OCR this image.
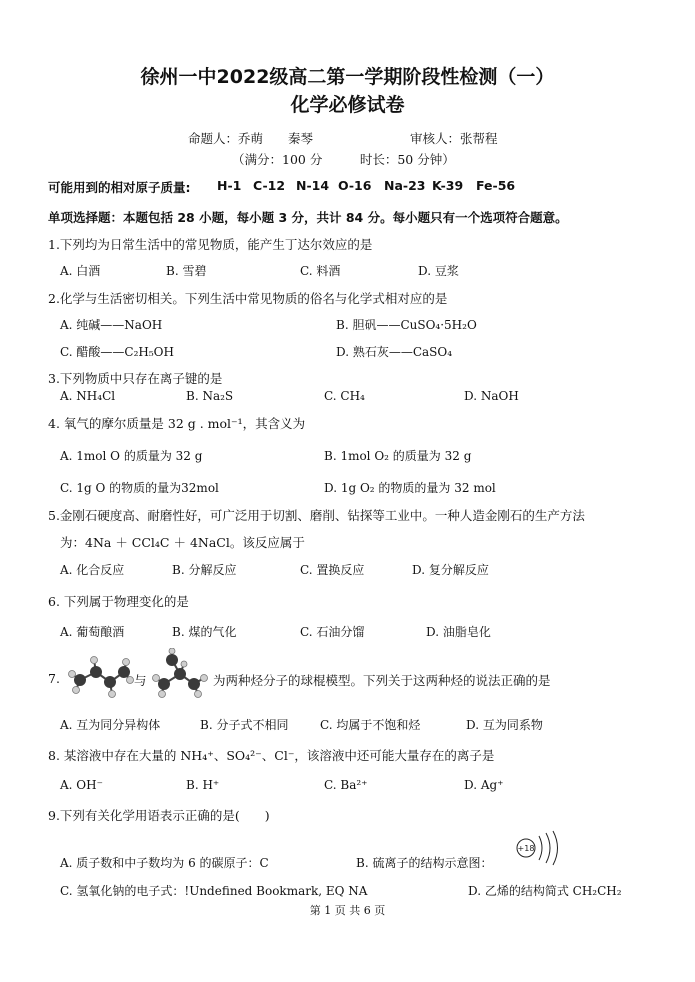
徐州一中2022级高二第一学期阶段性检测（一）
化学必修试卷
命题人：乔萌　　秦琴	审核人：张帮程
（满分：100 分　　　时长：50 分钟）
可能用到的相对原子质量: H-1 C-12 N-14 O-16 Na-23 K-39 Fe-56
单项选择题：本题包括 28 小题，每小题 3 分，共计 84 分。每小题只有一个选项符合题意。
1.下列均为日常生活中的常见物质，能产生丁达尔效应的是
A. 白酒	B. 雪碧	C. 料酒	D. 豆浆
2.化学与生活密切相关。下列生活中常见物质的俗名与化学式相对应的是
A. 纯碱——NaOH	B. 胆矾——CuSO₄·5H₂O
C. 醋酸——C₂H₅OH	D. 熟石灰——CaSO₄
3.下列物质中只存在离子键的是
A. NH₄Cl	B. Na₂S	C. CH₄	D. NaOH
4. 氧气的摩尔质量是 32 g . mol⁻¹，其含义为
A. 1mol O 的质量为 32 g	B. 1mol O₂ 的质量为 32 g
C. 1g O 的物质的量为32mol	D. 1g O₂ 的物质的量为 32 mol
5.金刚石硬度高、耐磨性好，可广泛用于切割、磨削、钻探等工业中。一种人造金刚石的生产方法
为：4Na ＋ CCl₄C ＋ 4NaCl。该反应属于
A. 化合反应	B. 分解反应	C. 置换反应	D. 复分解反应
6. 下列属于物理变化的是
A. 葡萄酿酒	B. 煤的气化	C. 石油分馏	D. 油脂皂化
7.	与	为两种烃分子的球棍模型。下列关于这两种烃的说法正确的是
A. 互为同分异构体	B. 分子式不相同	C. 均属于不饱和烃	D. 互为同系物
8. 某溶液中存在大量的 NH₄⁺、SO₄²⁻、Cl⁻，该溶液中还可能大量存在的离子是
A. OH⁻	B. H⁺	C. Ba²⁺	D. Ag⁺
9.下列有关化学用语表示正确的是(　　)
A. 质子数和中子数均为 6 的碳原子：C	B. 硫离子的结构示意图：
+18
C. 氢氧化钠的电子式：!Undefined Bookmark, EQ NA	D. 乙烯的结构简式 CH₂CH₂
第 1 页 共 6 页
